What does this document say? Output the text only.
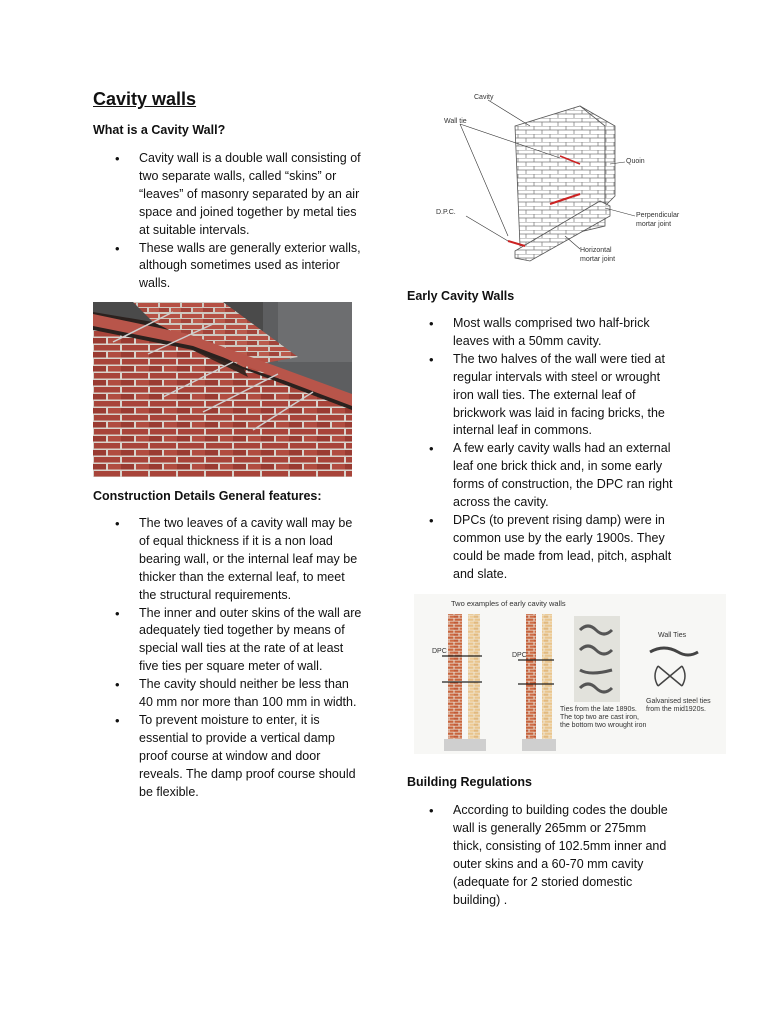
Cavity walls

What is a Cavity Wall?

• Cavity wall is a double wall consisting of two separate walls, called “skins” or “leaves” of masonry separated by an air space and joined together by metal ties at suitable intervals.
• These walls are generally exterior walls, although sometimes used as interior walls.

Construction Details General features:

• The two leaves of a cavity wall may be of equal thickness if it is a non load bearing wall, or the internal leaf may be thicker than the external leaf, to meet the structural requirements.
• The inner and outer skins of the wall are adequately tied together by means of special wall ties at the rate of at least five ties per square meter of wall.
• The cavity should neither be less than 40 mm nor more than 100 mm in width.
• To prevent moisture to enter, it is essential to provide a vertical damp proof course at window and door reveals. The damp proof course should be flexible.
Cavity
Wall tie
Quoin
D.P.C.	Perpendicular
mortar joint
Horizontal
mortar joint

Early Cavity Walls

• Most walls comprised two half-brick leaves with a 50mm cavity.
• The two halves of the wall were tied at regular intervals with steel or wrought iron wall ties. The external leaf of brickwork was laid in facing bricks, the internal leaf in commons.
• A few early cavity walls had an external leaf one brick thick and, in some early forms of construction, the DPC ran right across the cavity.
• DPCs (to prevent rising damp) were in common use by the early 1900s. They could be made from lead, pitch, asphalt and slate.
Two examples of early cavity walls
DPC
DPC
Ties from the late 1890s.
The top two are cast iron,
the bottom two wrought iron
Wall Ties
Galvanised steel ties
from the mid1920s.

Building Regulations

• According to building codes the double wall is generally 265mm or 275mm thick, consisting of 102.5mm inner and outer skins and a 60-70 mm cavity (adequate for 2 storied domestic building) .
